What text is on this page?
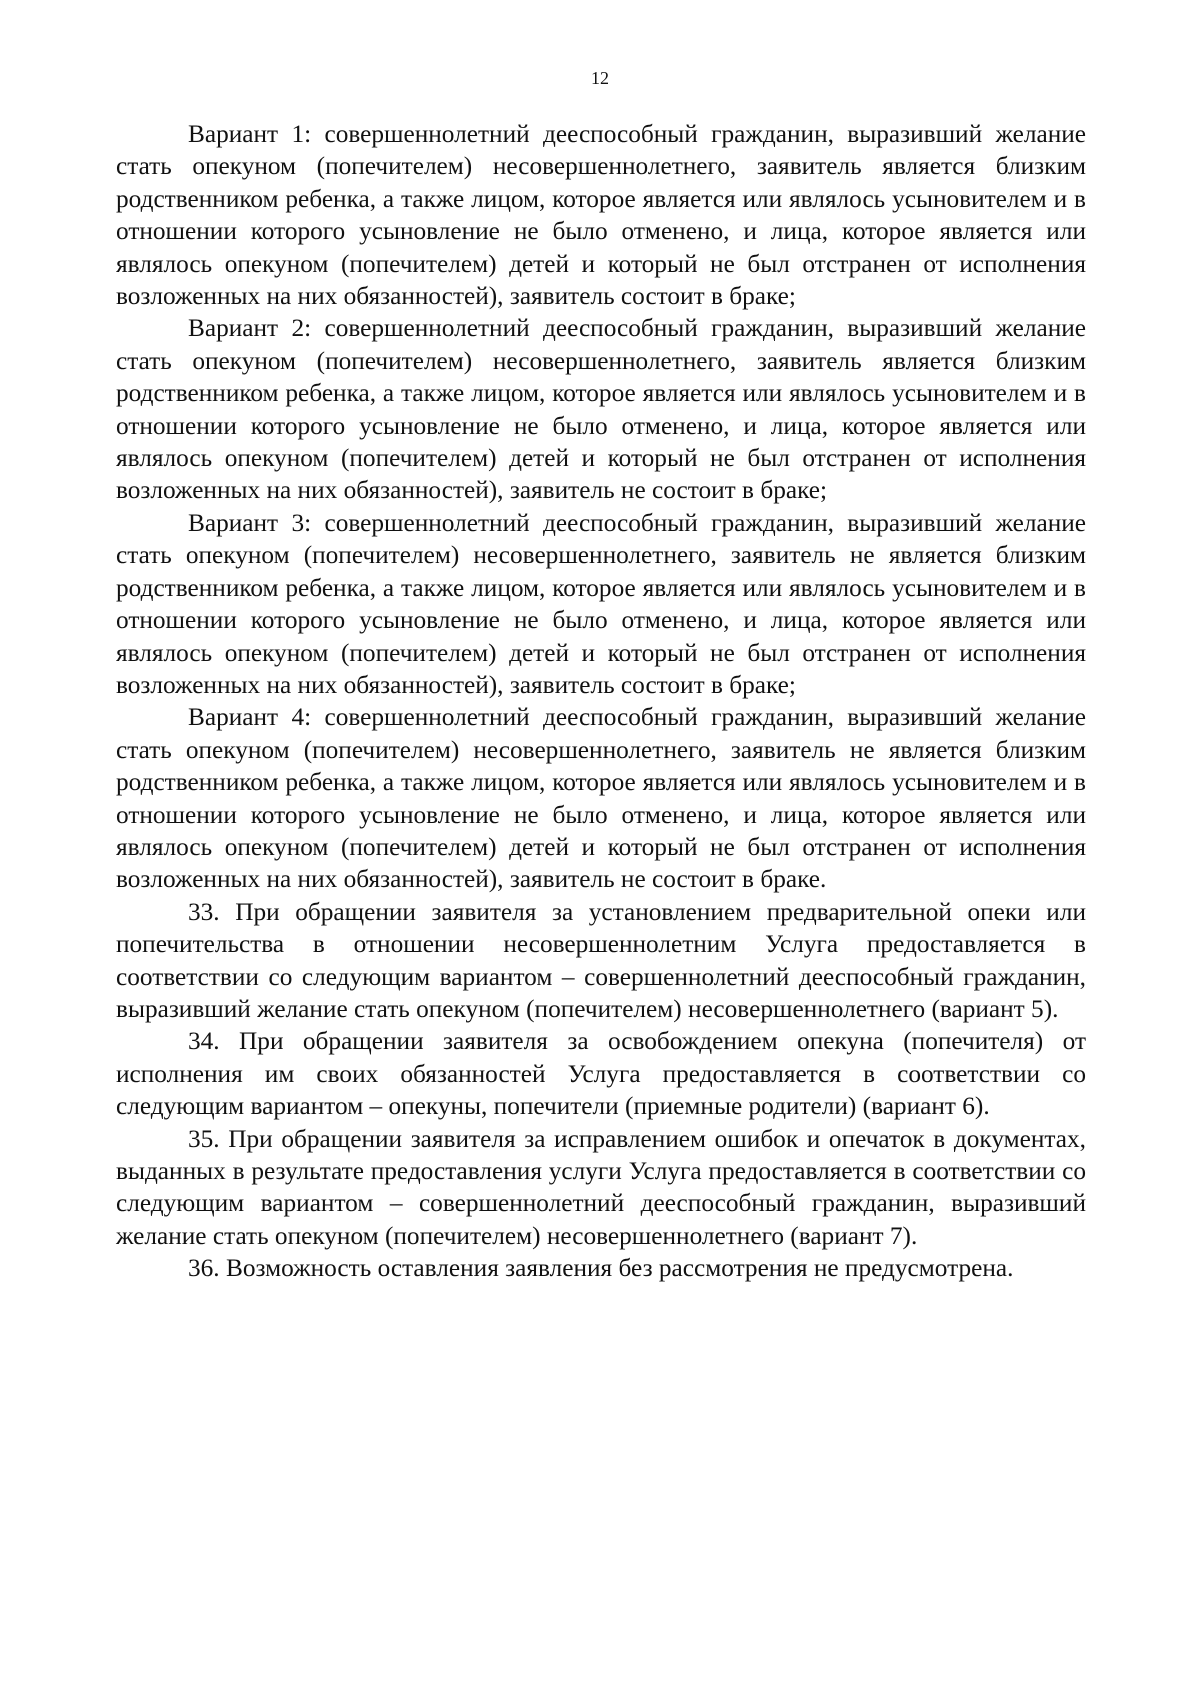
12

Вариант 1: совершеннолетний дееспособный гражданин, выразивший желание стать опекуном (попечителем) несовершеннолетнего, заявитель является близким родственником ребенка, а также лицом, которое является или являлось усыновителем и в отношении которого усыновление не было отменено, и лица, которое является или являлось опекуном (попечителем) детей и который не был отстранен от исполнения возложенных на них обязанностей), заявитель состоит в браке;

Вариант 2: совершеннолетний дееспособный гражданин, выразивший желание стать опекуном (попечителем) несовершеннолетнего, заявитель является близким родственником ребенка, а также лицом, которое является или являлось усыновителем и в отношении которого усыновление не было отменено, и лица, которое является или являлось опекуном (попечителем) детей и который не был отстранен от исполнения возложенных на них обязанностей), заявитель не состоит в браке;

Вариант 3: совершеннолетний дееспособный гражданин, выразивший желание стать опекуном (попечителем) несовершеннолетнего, заявитель не является близким родственником ребенка, а также лицом, которое является или являлось усыновителем и в отношении которого усыновление не было отменено, и лица, которое является или являлось опекуном (попечителем) детей и который не был отстранен от исполнения возложенных на них обязанностей), заявитель состоит в браке;

Вариант 4: совершеннолетний дееспособный гражданин, выразивший желание стать опекуном (попечителем) несовершеннолетнего, заявитель не является близким родственником ребенка, а также лицом, которое является или являлось усыновителем и в отношении которого усыновление не было отменено, и лица, которое является или являлось опекуном (попечителем) детей и который не был отстранен от исполнения возложенных на них обязанностей), заявитель не состоит в браке.

33. При обращении заявителя за установлением предварительной опеки или попечительства в отношении несовершеннолетним Услуга предоставляется в соответствии со следующим вариантом – совершеннолетний дееспособный гражданин, выразивший желание стать опекуном (попечителем) несовершеннолетнего (вариант 5).

34. При обращении заявителя за освобождением опекуна (попечителя) от исполнения им своих обязанностей Услуга предоставляется в соответствии со следующим вариантом – опекуны, попечители (приемные родители) (вариант 6).

35. При обращении заявителя за исправлением ошибок и опечаток в документах, выданных в результате предоставления услуги Услуга предоставляется в соответствии со следующим вариантом – совершеннолетний дееспособный гражданин, выразивший желание стать опекуном (попечителем) несовершеннолетнего (вариант 7).

36. Возможность оставления заявления без рассмотрения не предусмотрена.
